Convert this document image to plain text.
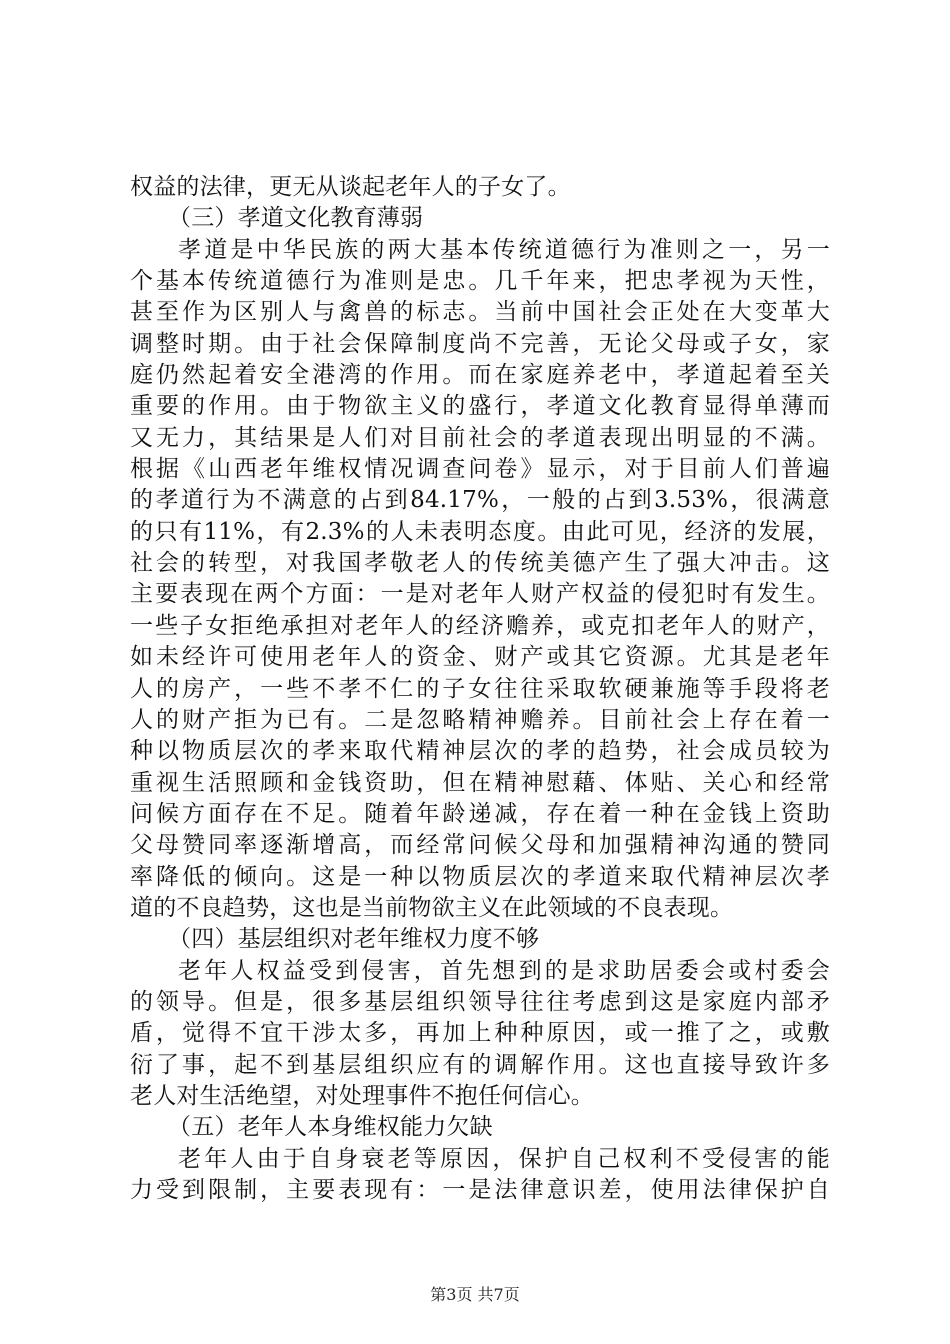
权益的法律，更无从谈起老年人的子女了。
（三）孝道文化教育薄弱
孝道是中华民族的两大基本传统道德行为准则之一，另一
个基本传统道德行为准则是忠。几千年来，把忠孝视为天性，
甚至作为区别人与禽兽的标志。当前中国社会正处在大变革大
调整时期。由于社会保障制度尚不完善，无论父母或子女，家
庭仍然起着安全港湾的作用。而在家庭养老中，孝道起着至关
重要的作用。由于物欲主义的盛行，孝道文化教育显得单薄而
又无力，其结果是人们对目前社会的孝道表现出明显的不满。
根据《山西老年维权情况调查问卷》显示，对于目前人们普遍
的孝道行为不满意的占到84.17%，一般的占到3.53%，很满意
的只有11%，有2.3%的人未表明态度。由此可见，经济的发展，
社会的转型，对我国孝敬老人的传统美德产生了强大冲击。这
主要表现在两个方面：一是对老年人财产权益的侵犯时有发生。
一些子女拒绝承担对老年人的经济赡养，或克扣老年人的财产，
如未经许可使用老年人的资金、财产或其它资源。尤其是老年
人的房产，一些不孝不仁的子女往往采取软硬兼施等手段将老
人的财产拒为已有。二是忽略精神赡养。目前社会上存在着一
种以物质层次的孝来取代精神层次的孝的趋势，社会成员较为
重视生活照顾和金钱资助，但在精神慰藉、体贴、关心和经常
问候方面存在不足。随着年龄递减，存在着一种在金钱上资助
父母赞同率逐渐增高，而经常问候父母和加强精神沟通的赞同
率降低的倾向。这是一种以物质层次的孝道来取代精神层次孝
道的不良趋势，这也是当前物欲主义在此领域的不良表现。
（四）基层组织对老年维权力度不够
老年人权益受到侵害，首先想到的是求助居委会或村委会
的领导。但是，很多基层组织领导往往考虑到这是家庭内部矛
盾，觉得不宜干涉太多，再加上种种原因，或一推了之，或敷
衍了事，起不到基层组织应有的调解作用。这也直接导致许多
老人对生活绝望，对处理事件不抱任何信心。
（五）老年人本身维权能力欠缺
老年人由于自身衰老等原因，保护自己权利不受侵害的能
力受到限制，主要表现有：一是法律意识差，使用法律保护自
第3页 共7页
